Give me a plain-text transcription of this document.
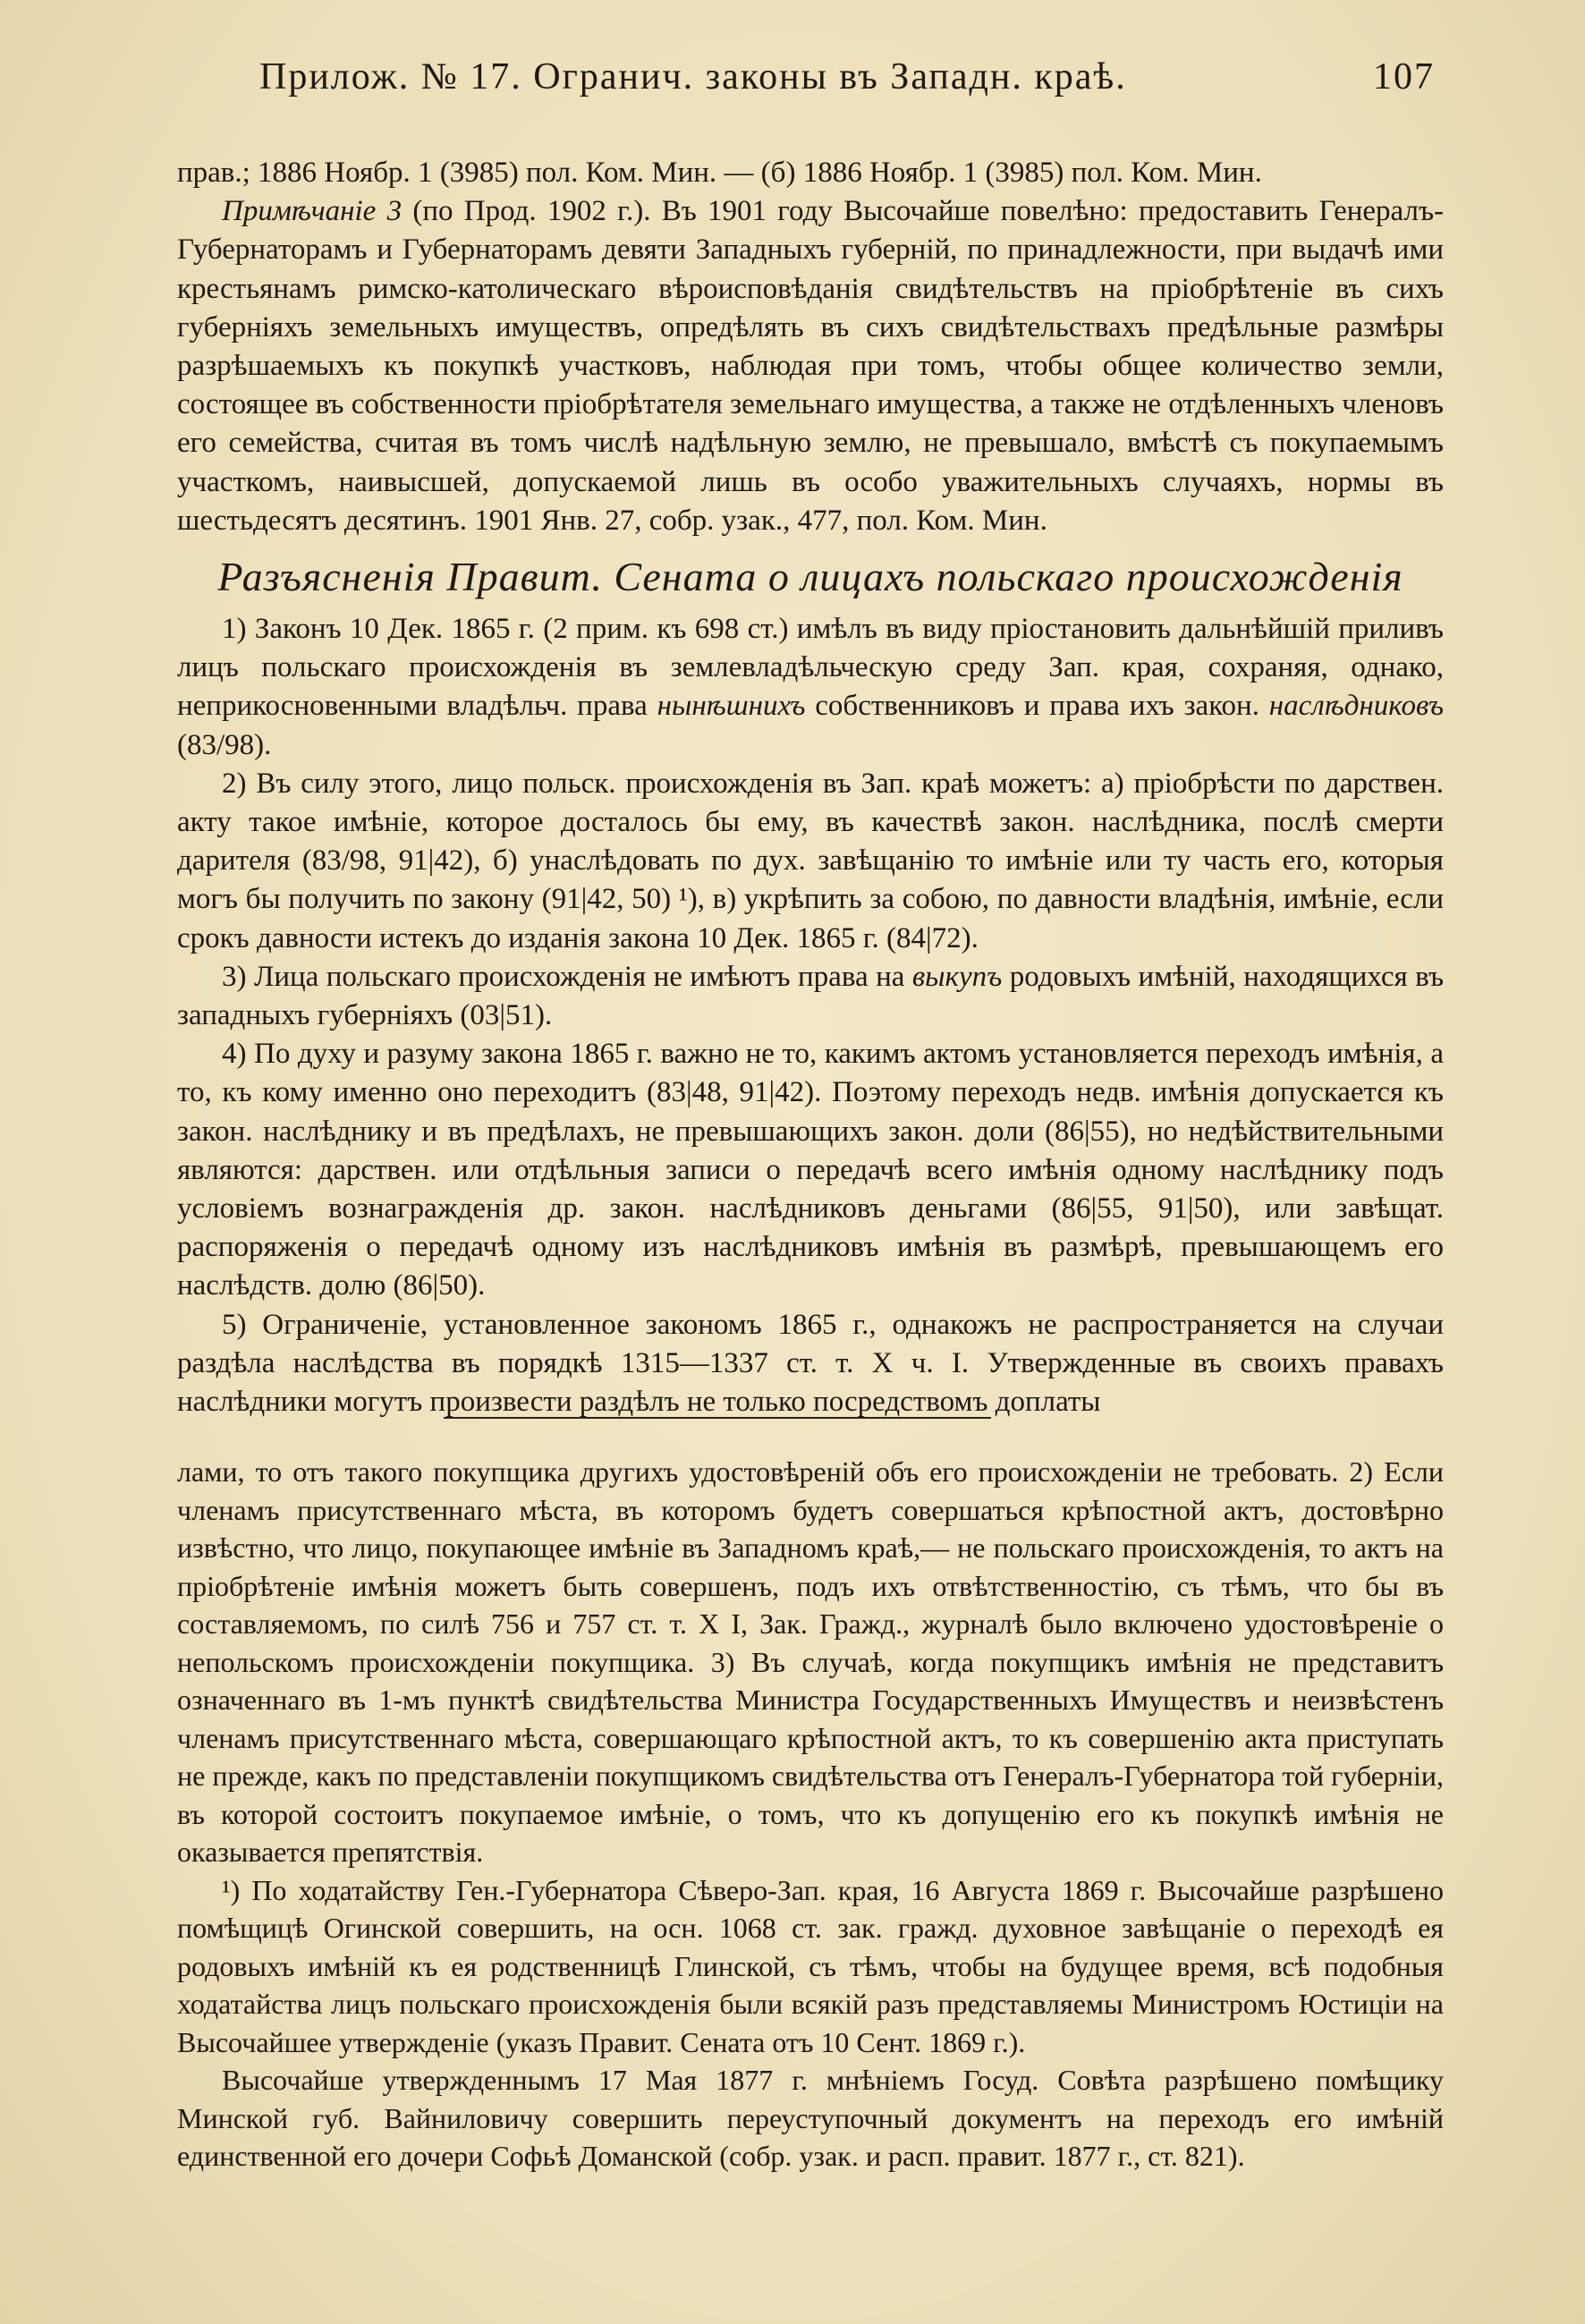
Прилож. № 17. Огранич. законы въ Западн. краѣ.	107

прав.; 1886 Ноябр. 1 (3985) пол. Ком. Мин. — (б) 1886 Ноябр. 1 (3985) пол. Ком. Мин.

Примѣчаніе 3 (по Прод. 1902 г.). Въ 1901 году Высочайше повелѣно: предоставить Генералъ-Губернаторамъ и Губернаторамъ девяти Западныхъ губерній, по принадлежности, при выдачѣ ими крестьянамъ римско-католическаго вѣроисповѣданія свидѣтельствъ на пріобрѣтеніе въ сихъ губерніяхъ земельныхъ имуществъ, опредѣлять въ сихъ свидѣтельствахъ предѣльные размѣры разрѣшаемыхъ къ покупкѣ участковъ, наблюдая при томъ, чтобы общее количество земли, состоящее въ собственности пріобрѣтателя земельнаго имущества, а также не отдѣленныхъ членовъ его семейства, считая въ томъ числѣ надѣльную землю, не превышало, вмѣстѣ съ покупаемымъ участкомъ, наивысшей, допускаемой лишь въ особо уважительныхъ случаяхъ, нормы въ шестьдесятъ десятинъ. 1901 Янв. 27, собр. узак., 477, пол. Ком. Мин.

Разъясненія Правит. Сената о лицахъ польскаго происхожденія

1) Законъ 10 Дек. 1865 г. (2 прим. къ 698 ст.) имѣлъ въ виду пріостановить дальнѣйшій приливъ лицъ польскаго происхожденія въ землевладѣльческую среду Зап. края, сохраняя, однако, неприкосновенными владѣльч. права нынѣшнихъ собственниковъ и права ихъ закон. наслѣдниковъ (83/98).

2) Въ силу этого, лицо польск. происхожденія въ Зап. краѣ можетъ: а) пріобрѣсти по дарствен. акту такое имѣніе, которое досталось бы ему, въ качествѣ закон. наслѣдника, послѣ смерти дарителя (83/98, 91|42), б) унаслѣдовать по дух. завѣщанію то имѣніе или ту часть его, которыя могъ бы получить по закону (91|42, 50) ¹), в) укрѣпить за собою, по давности владѣнія, имѣніе, если срокъ давности истекъ до изданія закона 10 Дек. 1865 г. (84|72).

3) Лица польскаго происхожденія не имѣютъ права на выкупъ родовыхъ имѣній, находящихся въ западныхъ губерніяхъ (03|51).

4) По духу и разуму закона 1865 г. важно не то, какимъ актомъ установляется переходъ имѣнія, а то, къ кому именно оно переходитъ (83|48, 91|42). Поэтому переходъ недв. имѣнія допускается къ закон. наслѣднику и въ предѣлахъ, не превышающихъ закон. доли (86|55), но недѣйствительными являются: дарствен. или отдѣльныя записи о передачѣ всего имѣнія одному наслѣднику подъ условіемъ вознагражденія др. закон. наслѣдниковъ деньгами (86|55, 91|50), или завѣщат. распоряженія о передачѣ одному изъ наслѣдниковъ имѣнія въ размѣрѣ, превышающемъ его наслѣдств. долю (86|50).

5) Ограниченіе, установленное закономъ 1865 г., однакожъ не распространяется на случаи раздѣла наслѣдства въ порядкѣ 1315—1337 ст. т. X ч. I. Утвержденные въ своихъ правахъ наслѣдники могутъ произвести раздѣлъ не только посредствомъ доплаты

лами, то отъ такого покупщика другихъ удостовѣреній объ его происхожденіи не требовать. 2) Если членамъ присутственнаго мѣста, въ которомъ будетъ совершаться крѣпостной актъ, достовѣрно извѣстно, что лицо, покупающее имѣніе въ Западномъ краѣ,— не польскаго происхожденія, то актъ на пріобрѣтеніе имѣнія можетъ быть совершенъ, подъ ихъ отвѣтственностію, съ тѣмъ, что бы въ составляемомъ, по силѣ 756 и 757 ст. т. X I, Зак. Гражд., журналѣ было включено удостовѣреніе о непольскомъ происхожденіи покупщика. 3) Въ случаѣ, когда покупщикъ имѣнія не представитъ означеннаго въ 1-мъ пунктѣ свидѣтельства Министра Государственныхъ Имуществъ и неизвѣстенъ членамъ присутственнаго мѣста, совершающаго крѣпостной актъ, то къ совершенію акта приступать не прежде, какъ по представленіи покупщикомъ свидѣтельства отъ Генералъ-Губернатора той губерніи, въ которой состоитъ покупаемое имѣніе, о томъ, что къ допущенію его къ покупкѣ имѣнія не оказывается препятствія.

¹) По ходатайству Ген.-Губернатора Сѣверо-Зап. края, 16 Августа 1869 г. Высочайше разрѣшено помѣщицѣ Огинской совершить, на осн. 1068 ст. зак. гражд. духовное завѣщаніе о переходѣ ея родовыхъ имѣній къ ея родственницѣ Глинской, съ тѣмъ, чтобы на будущее время, всѣ подобныя ходатайства лицъ польскаго происхожденія были всякій разъ представляемы Министромъ Юстиціи на Высочайшее утвержденіе (указъ Правит. Сената отъ 10 Сент. 1869 г.).

Высочайше утвержденнымъ 17 Мая 1877 г. мнѣніемъ Госуд. Совѣта разрѣшено помѣщику Минской губ. Вайниловичу совершить переуступочный документъ на переходъ его имѣній единственной его дочери Софьѣ Доманской (собр. узак. и расп. правит. 1877 г., ст. 821).
